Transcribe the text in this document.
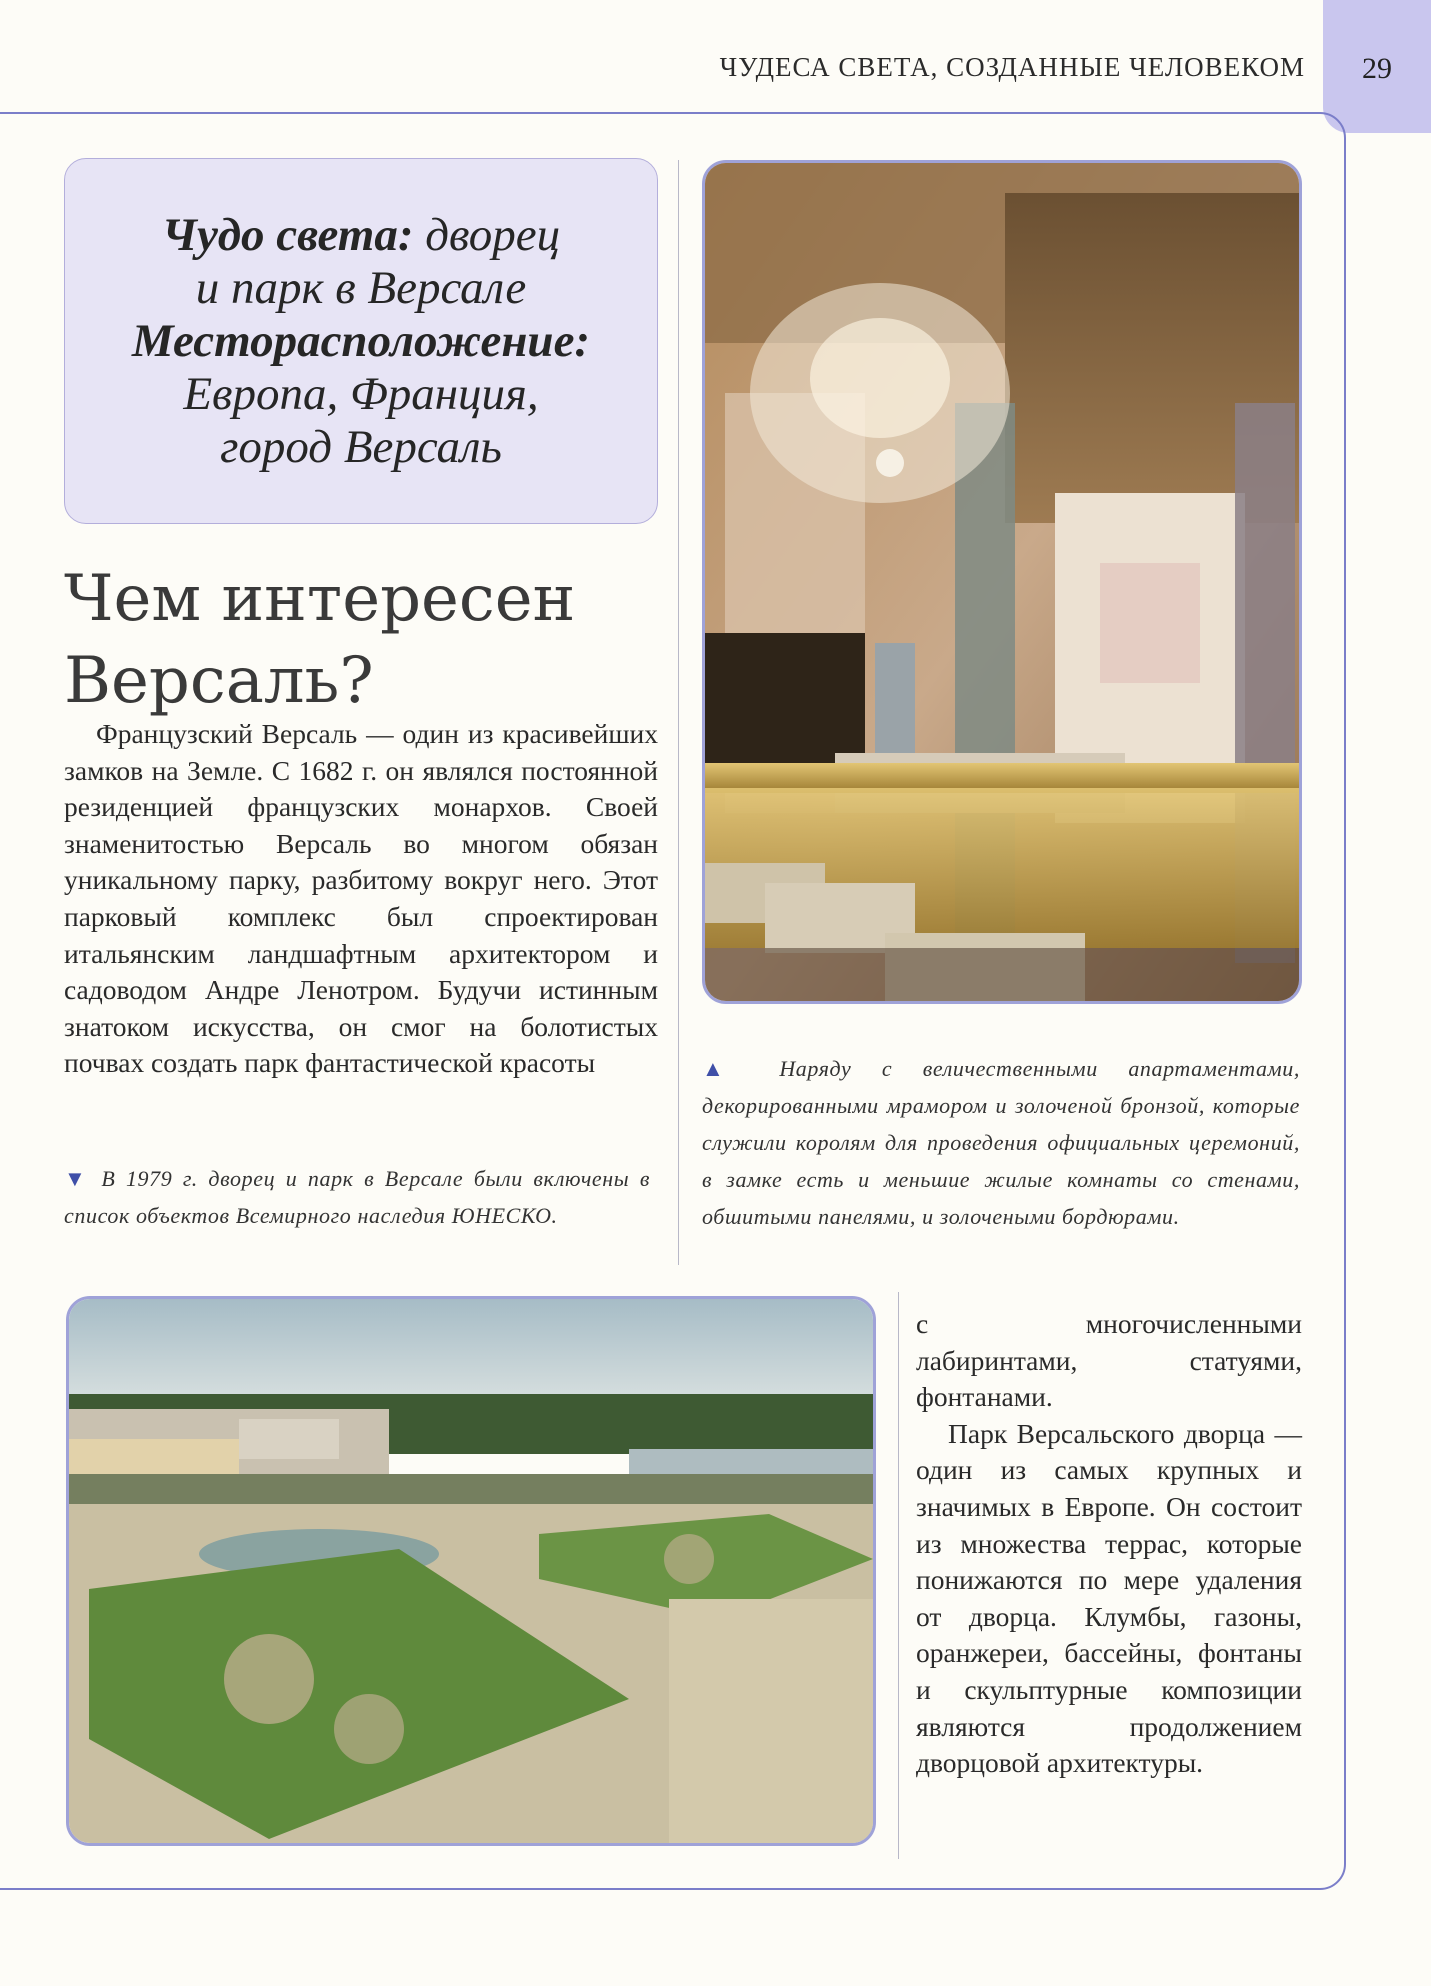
ЧУДЕСА СВЕТА, СОЗДАННЫЕ ЧЕЛОВЕКОМ	29
Чудо света: дворец
и парк в Версале
Месторасположение:
Европа, Франция,
город Версаль
Чем интересен
Версаль?

Французский Версаль — один из красивейших замков на Земле. С 1682 г. он являлся постоянной резиденцией французских монархов. Своей знаменитостью Версаль во многом обязан уникальному парку, разбитому вокруг него. Этот парковый комплекс был спроектирован итальянским ландшафтным архитектором и садоводом Андре Ленотром. Будучи истинным знатоком искусства, он смог на болотистых почвах создать парк фантастической красоты

▼ В 1979 г. дворец и парк в Версале были включены в список объектов Всемирного наследия ЮНЕСКО.
▲ Наряду с величественными апартаментами, декорированными мрамором и золоченой бронзой, которые служили королям для проведения официальных церемоний, в замке есть и меньшие жилые комнаты со стенами, обшитыми панелями, и золочеными бордюрами.

с многочисленными лабиринтами, статуями, фонтанами.

Парк Версальского дворца — один из самых крупных и значимых в Европе. Он состоит из множества террас, которые понижаются по мере удаления от дворца. Клумбы, газоны, оранжереи, бассейны, фонтаны и скульптурные композиции являются продолжением дворцовой архитектуры.
